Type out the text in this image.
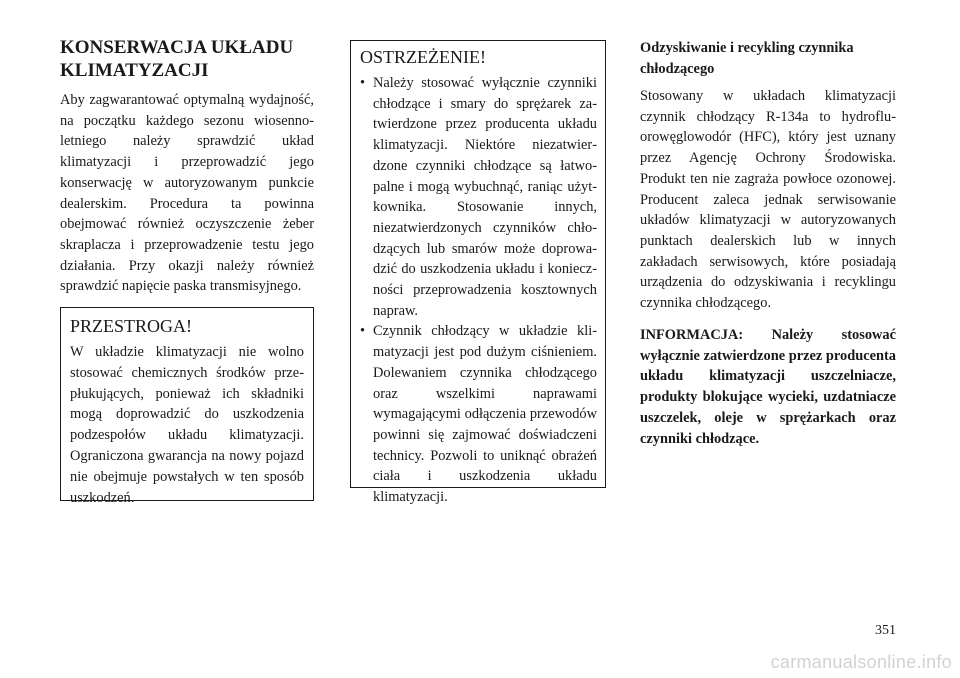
KONSERWACJA UKŁADU KLIMATYZACJI

Aby zagwarantować optymalną wydajność, na początku każdego sezonu wiosenno-letniego należy sprawdzić układ klimatyzacji i przeprowadzić jego konserwację w autoryzowanym punkcie dealerskim. Procedura ta powinna obejmować również oczyszczenie żeber skraplacza i przeprowadzenie testu jego działania. Przy okazji należy również sprawdzić napięcie paska transmisyjnego.

PRZESTROGA!

W układzie klimatyzacji nie wolno stosować chemicznych środków przepłukujących, ponieważ ich składniki mogą doprowadzić do uszkodzenia podzespołów układu klimatyzacji. Ograniczona gwarancja na nowy pojazd nie obejmuje powstałych w ten sposób uszkodzeń.

OSTRZEŻENIE!
• Należy stosować wyłącznie czynniki chłodzące i smary do sprężarek zatwierdzone przez producenta układu klimatyzacji. Niektóre niezatwierdzone czynniki chłodzące są łatwopalne i mogą wybuchnąć, raniąc użytkownika. Stosowanie innych, niezatwierdzonych czynników chłodzących lub smarów może doprowadzić do uszkodzenia układu i konieczności przeprowadzenia kosztownych napraw.
• Czynnik chłodzący w układzie klimatyzacji jest pod dużym ciśnieniem. Dolewaniem czynnika chłodzącego oraz wszelkimi naprawami wymagającymi odłączenia przewodów powinni się zajmować doświadczeni technicy. Pozwoli to uniknąć obrażeń ciała i uszkodzenia układu klimatyzacji.
Odzyskiwanie i recykling czynnika chłodzącego

Stosowany w układach klimatyzacji czynnik chłodzący R-134a to hydrofluorowęglowodór (HFC), który jest uznany przez Agencję Ochrony Środowiska. Produkt ten nie zagraża powłoce ozonowej. Producent zaleca jednak serwisowanie układów klimatyzacji w autoryzowanych punktach dealerskich lub w innych zakładach serwisowych, które posiadają urządzenia do odzyskiwania i recyklingu czynnika chłodzącego.

INFORMACJA: Należy stosować wyłącznie zatwierdzone przez producenta układu klimatyzacji uszczelniacze, produkty blokujące wycieki, uzdatniacze uszczelek, oleje w sprężarkach oraz czynniki chłodzące.

351
carmanualsonline.info
